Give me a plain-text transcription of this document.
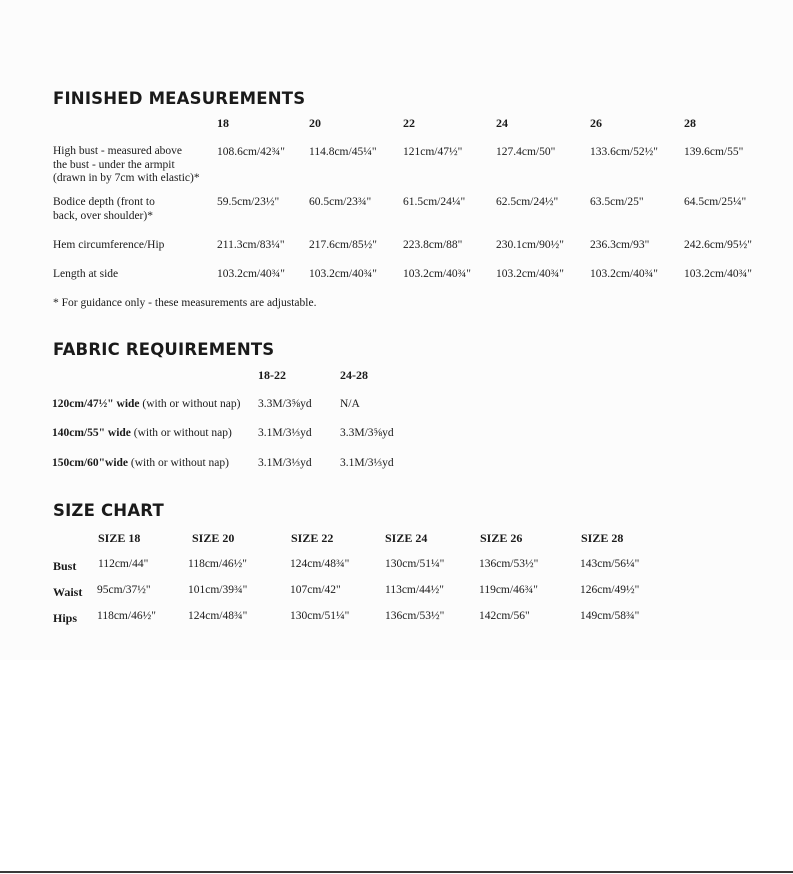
FINISHED MEASUREMENTS
18	20	22	24	26	28
High bust - measured above
the bust - under the armpit
(drawn in by 7cm with elastic)*
108.6cm/42¾" 114.8cm/45¼" 121cm/47½"	127.4cm/50"	133.6cm/52½" 139.6cm/55"
Bodice depth (front to
back, over shoulder)*
59.5cm/23½"	60.5cm/23¾"	61.5cm/24¼"	62.5cm/24½"	63.5cm/25"	64.5cm/25¼"
Hem circumference/Hip	211.3cm/83¼" 217.6cm/85½" 223.8cm/88"	230.1cm/90½" 236.3cm/93"	242.6cm/95½"
Length at side	103.2cm/40¾" 103.2cm/40¾" 103.2cm/40¾" 103.2cm/40¾" 103.2cm/40¾" 103.2cm/40¾"
* For guidance only - these measurements are adjustable.
FABRIC REQUIREMENTS
18-22	24-28
120cm/47½" wide (with or without nap) 3.3M/3⅝yd N/A
140cm/55" wide (with or without nap) 3.1M/3⅓yd 3.3M/3⅝yd
150cm/60"wide (with or without nap)	3.1M/3⅓yd 3.1M/3⅓yd
SIZE CHART
SIZE 18	SIZE 20	SIZE 22	SIZE 24	SIZE 26	SIZE 28
Bust 112cm/44"	118cm/46½"	124cm/48¾"	130cm/51¼"	136cm/53½"	143cm/56¼"
Waist 95cm/37½"	101cm/39¾"	107cm/42"	113cm/44½"	119cm/46¾"	126cm/49½"
Hips 118cm/46½"	124cm/48¾"	130cm/51¼"	136cm/53½"	142cm/56"	149cm/58¾"
